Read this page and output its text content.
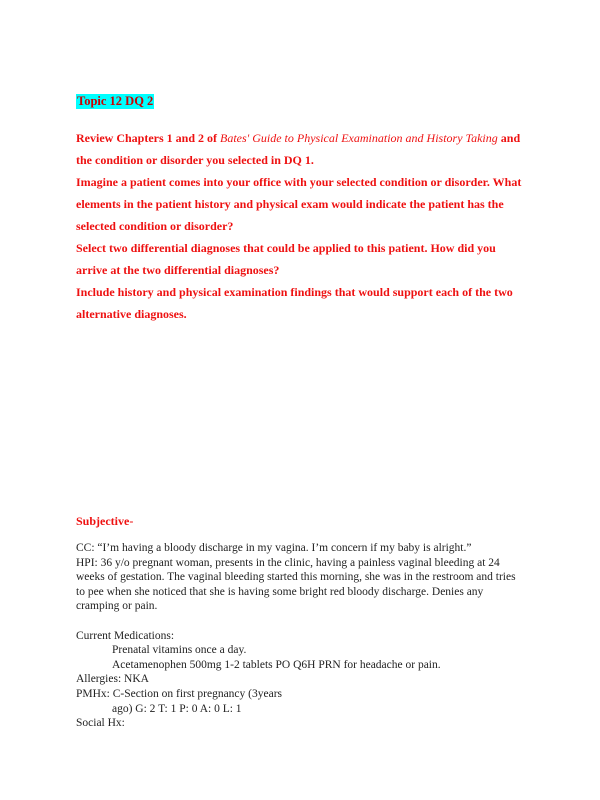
Topic 12 DQ 2

Review Chapters 1 and 2 of Bates' Guide to Physical Examination and History Taking and the condition or disorder you selected in DQ 1.

Imagine a patient comes into your office with your selected condition or disorder. What elements in the patient history and physical exam would indicate the patient has the selected condition or disorder?

Select two differential diagnoses that could be applied to this patient. How did you arrive at the two differential diagnoses?

Include history and physical examination findings that would support each of the two alternative diagnoses.

Subjective-

CC: “I’m having a bloody discharge in my vagina. I’m concern if my baby is alright.”

HPI: 36 y/o pregnant woman, presents in the clinic, having a painless vaginal bleeding at 24 weeks of gestation. The vaginal bleeding started this morning, she was in the restroom and tries to pee when she noticed that she is having some bright red bloody discharge. Denies any cramping or pain.

Current Medications:

Prenatal vitamins once a day.

Acetamenophen 500mg 1-2 tablets PO Q6H PRN for headache or pain.

Allergies: NKA

PMHx: C-Section on first pregnancy (3years

ago) G: 2 T: 1 P: 0 A: 0 L: 1

Social Hx:
